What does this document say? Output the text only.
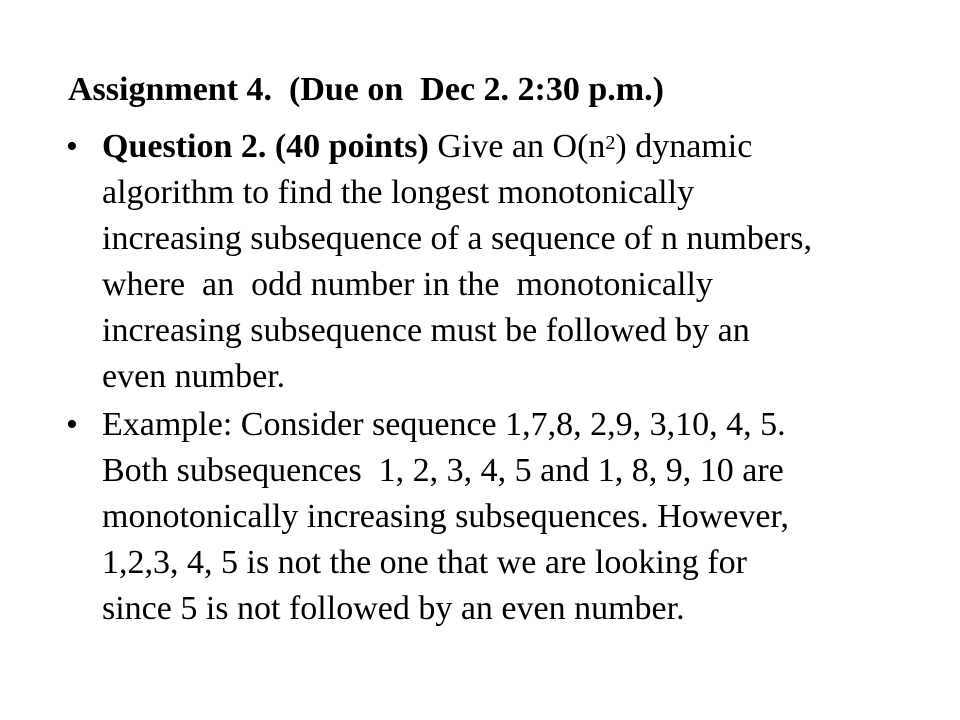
Assignment 4.  (Due on  Dec 2. 2:30 p.m.)
• Question 2. (40 points) Give an $O(n^2)$ dynamic
algorithm to find the longest monotonically
increasing subsequence of a sequence of n numbers,
where  an  odd number in the  monotonically
increasing subsequence must be followed by an
even number.
• Example: Consider sequence 1,7,8, 2,9, 3,10, 4, 5.
Both subsequences  1, 2, 3, 4, 5 and 1, 8, 9, 10 are
monotonically increasing subsequences. However,
1,2,3, 4, 5 is not the one that we are looking for
since 5 is not followed by an even number.
